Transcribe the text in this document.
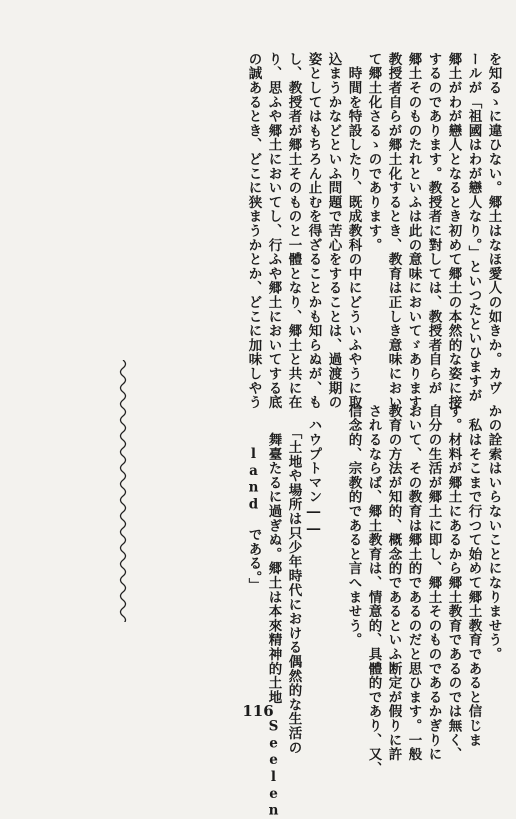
かの詮索はいらないことになりませう。
　私はそこまで行つて始めて郷土教育であると信じま
す。材料が郷土にあるから郷土教育であるのでは無く、
自分の生活が郷土に即し、郷土そのものであるかぎりに
おいて、その教育は郷土的であるのだと思ひます。一般
教育の方法が知的、概念的であるといふ断定が假りに許
されるならば、郷土教育は、情意的、具體的であり、又、
信念的、宗教的であると言へませう。
　ハウプトマン――
　　「土地や場所は只少年時代における偶然的な生活の
　　舞臺たるに過ぎぬ。郷土は本來精神的土地　Seelen
　　ㅤland　である。」
を知るゝに違ひない。郷土はなほ愛人の如きか。カヴ
ールが「祖國はわが戀人なり。」といつたといひますが
郷土がわが戀人となるとき初めて郷土の本然的な姿に接
するのであります。教授者に對しては、教授者自らが
郷土そのものたれといふは此の意味においてゞあります
教授者自らが郷土化するとき、教育は正しき意味におい
て郷土化さるゝのであります。
　時間を特設したり、既成教科の中にどういふやうに取
込まうかなどといふ問題で苦心をすることは、過渡期の
姿としてはもちろん止むを得ざることかも知らぬが、も
し、教授者が郷土そのものと一體となり、郷土と共に在
り、思ふや郷土においてし、行ふや郷土においてする底
の誠あるとき、どこに狭まうかとか、どこに加味しやう
116
